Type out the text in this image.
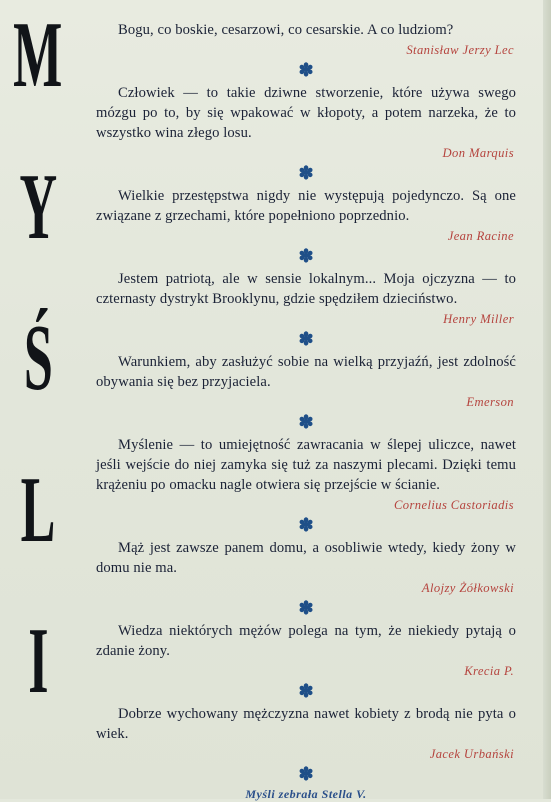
M
Y
Ś
L
I
Bogu, co boskie, cesarzowi, co cesarskie. A co ludziom?
Stanisław Jerzy Lec
✽
Człowiek — to takie dziwne stworzenie, które używa swego mózgu po to, by się wpakować w kłopoty, a potem narzeka, że to wszystko wina złego losu.
Don Marquis
✽
Wielkie przestępstwa nigdy nie występują pojedynczo. Są one związane z grzechami, które popełniono poprzednio.
Jean Racine
✽
Jestem patriotą, ale w sensie lokalnym... Moja ojczyzna — to czternasty dystrykt Brooklynu, gdzie spędziłem dzieciństwo.
Henry Miller
✽
Warunkiem, aby zasłużyć sobie na wielką przyjaźń, jest zdolność obywania się bez przyjaciela.
Emerson
✽
Myślenie — to umiejętność zawracania w ślepej uliczce, nawet jeśli wejście do niej zamyka się tuż za naszymi plecami. Dzięki temu krążeniu po omacku nagle otwiera się przejście w ścianie.
Cornelius Castoriadis
✽
Mąż jest zawsze panem domu, a osobliwie wtedy, kiedy żony w domu nie ma.
Alojzy Żółkowski
✽
Wiedza niektórych mężów polega na tym, że niekiedy pytają o zdanie żony.
Krecia P.
✽
Dobrze wychowany mężczyzna nawet kobiety z brodą nie pyta o wiek.
Jacek Urbański
✽
Myśli zebrała Stella V.
